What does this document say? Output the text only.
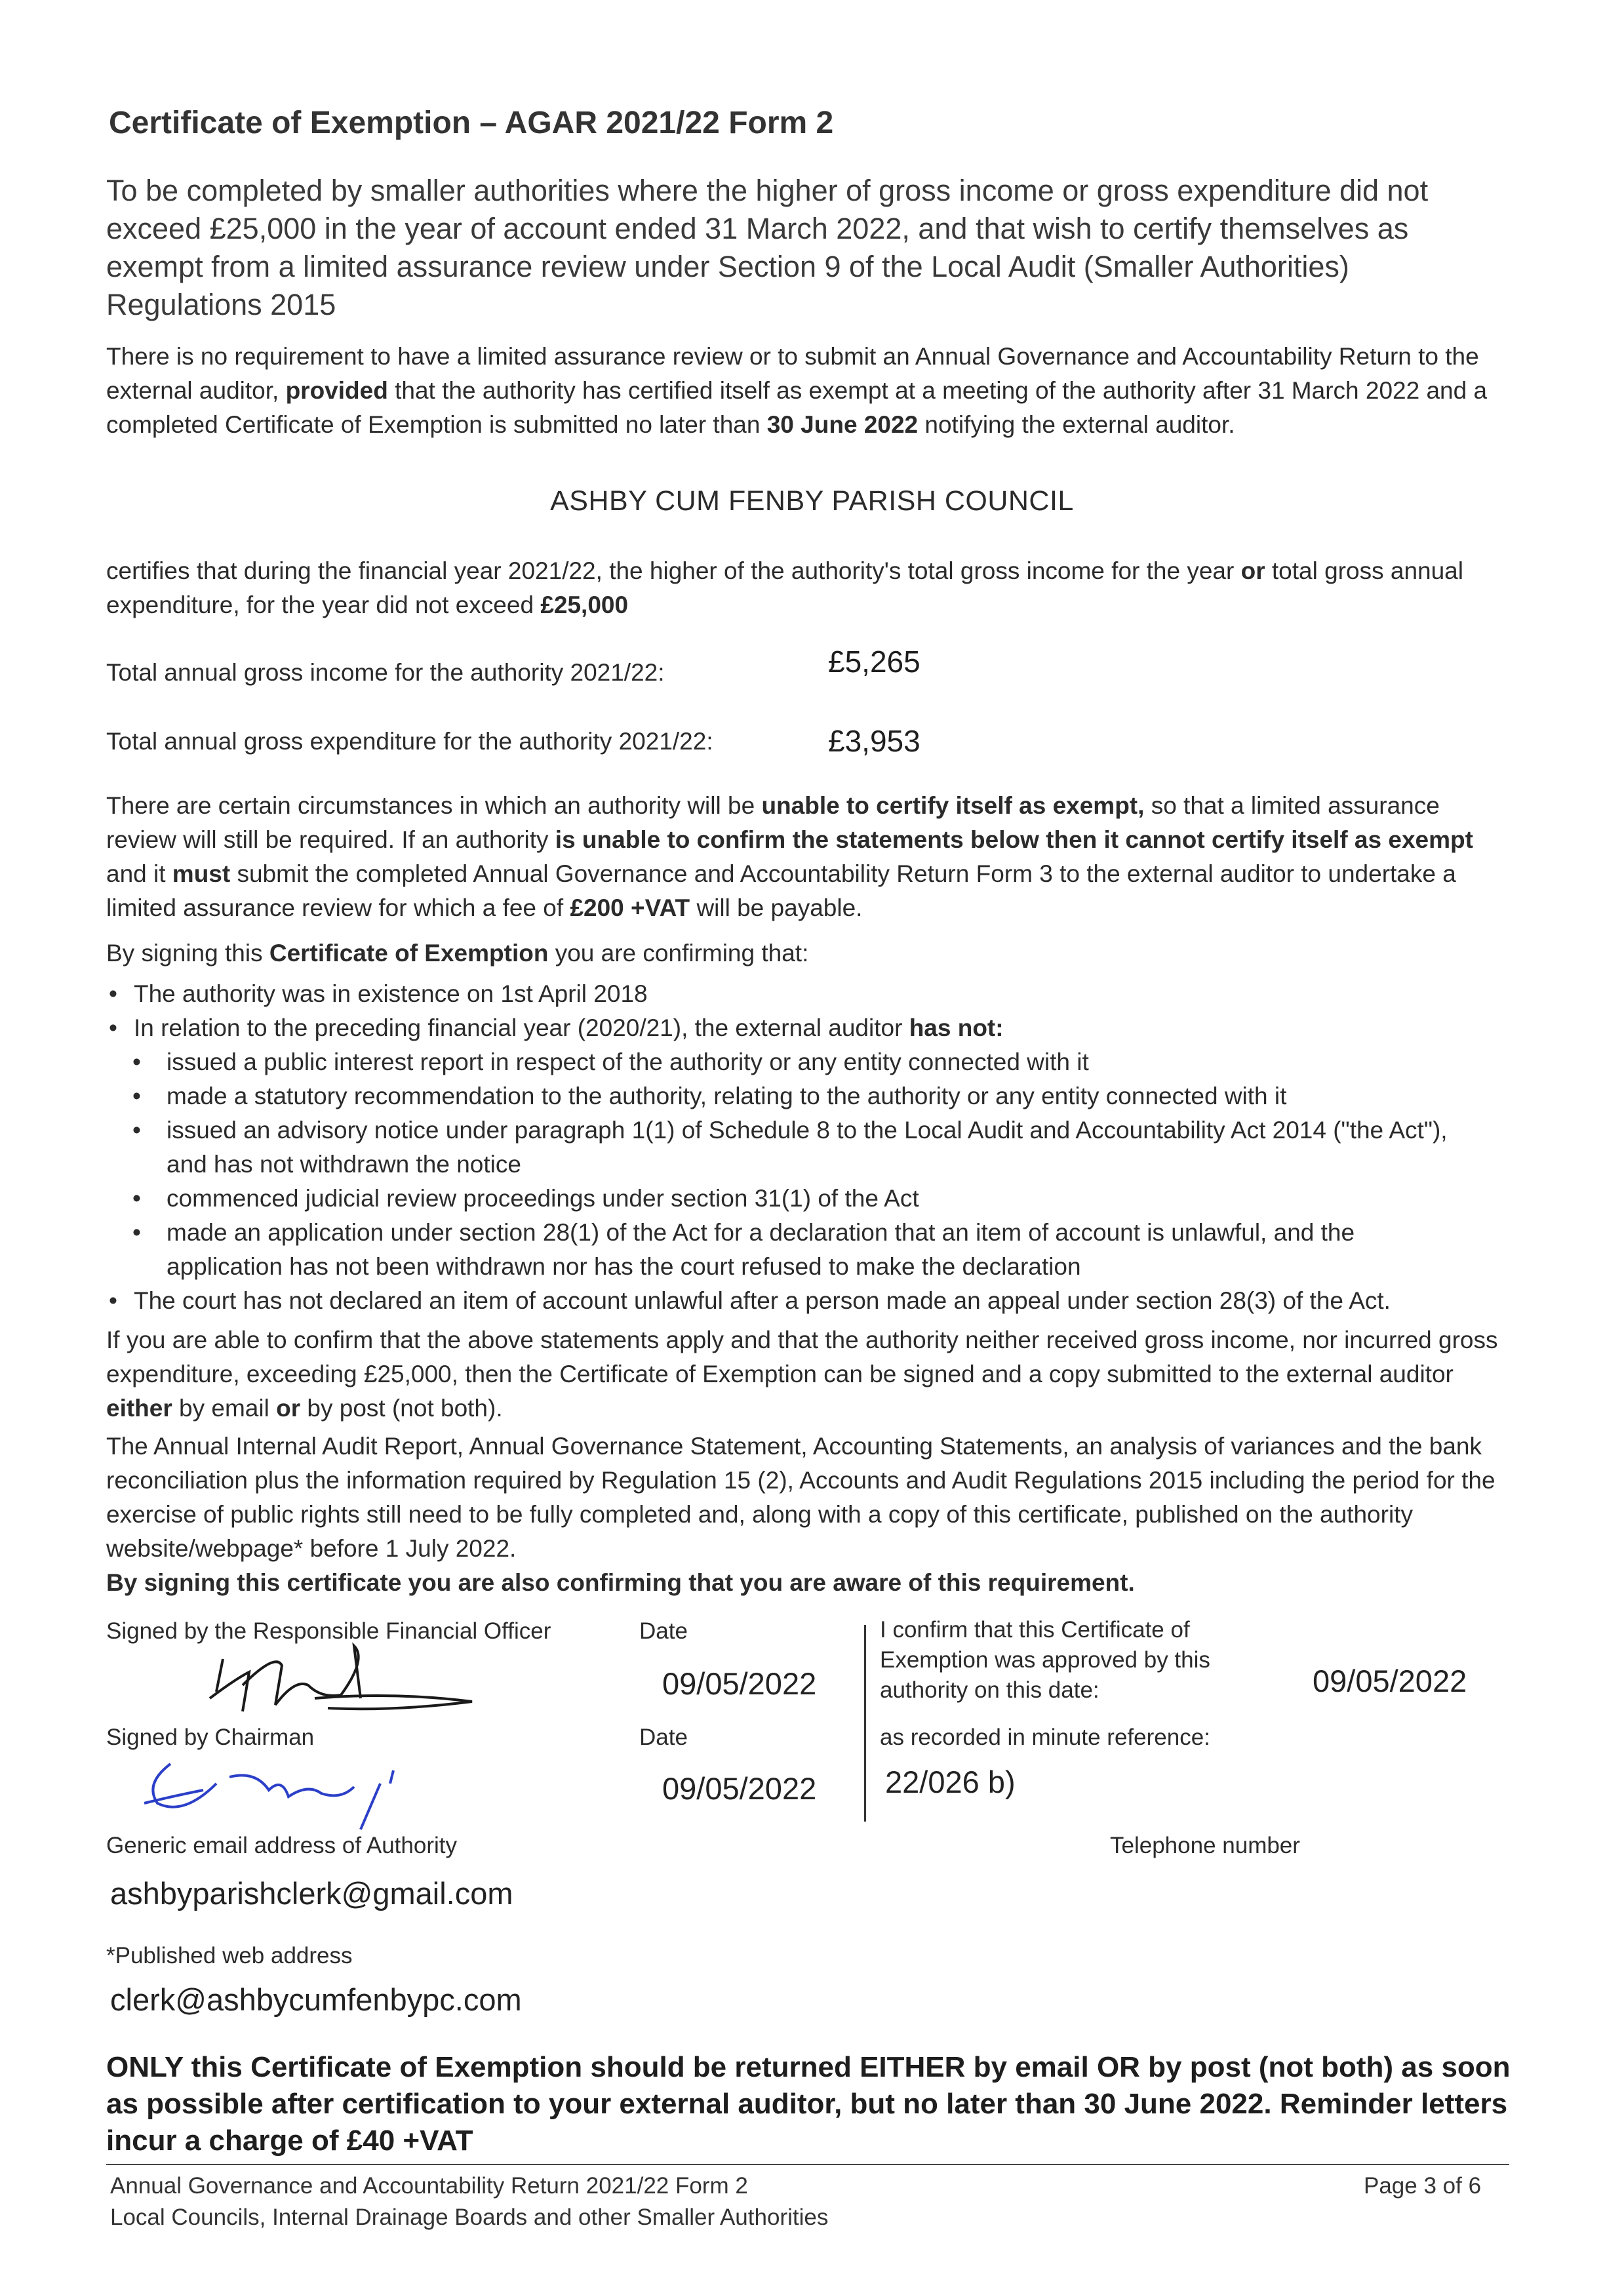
Certificate of Exemption – AGAR 2021/22 Form 2
To be completed by smaller authorities where the higher of gross income or gross expenditure did not exceed £25,000 in the year of account ended 31 March 2022, and that wish to certify themselves as exempt from a limited assurance review under Section 9 of the Local Audit (Smaller Authorities) Regulations 2015
There is no requirement to have a limited assurance review or to submit an Annual Governance and Accountability Return to the external auditor, provided that the authority has certified itself as exempt at a meeting of the authority after 31 March 2022 and a completed Certificate of Exemption is submitted no later than 30 June 2022 notifying the external auditor.
ASHBY CUM FENBY PARISH COUNCIL
certifies that during the financial year 2021/22, the higher of the authority's total gross income for the year or total gross annual expenditure, for the year did not exceed £25,000
Total annual gross income for the authority 2021/22:	£5,265
Total annual gross expenditure for the authority 2021/22:	£3,953
There are certain circumstances in which an authority will be unable to certify itself as exempt, so that a limited assurance review will still be required. If an authority is unable to confirm the statements below then it cannot certify itself as exempt and it must submit the completed Annual Governance and Accountability Return Form 3 to the external auditor to undertake a limited assurance review for which a fee of £200 +VAT will be payable.
By signing this Certificate of Exemption you are confirming that:
• The authority was in existence on 1st April 2018
• In relation to the preceding financial year (2020/21), the external auditor has not:
• issued a public interest report in respect of the authority or any entity connected with it
• made a statutory recommendation to the authority, relating to the authority or any entity connected with it
• issued an advisory notice under paragraph 1(1) of Schedule 8 to the Local Audit and Accountability Act 2014 ("the Act"), and has not withdrawn the notice
• commenced judicial review proceedings under section 31(1) of the Act
• made an application under section 28(1) of the Act for a declaration that an item of account is unlawful, and the application has not been withdrawn nor has the court refused to make the declaration
• The court has not declared an item of account unlawful after a person made an appeal under section 28(3) of the Act.
If you are able to confirm that the above statements apply and that the authority neither received gross income, nor incurred gross expenditure, exceeding £25,000, then the Certificate of Exemption can be signed and a copy submitted to the external auditor either by email or by post (not both).
The Annual Internal Audit Report, Annual Governance Statement, Accounting Statements, an analysis of variances and the bank reconciliation plus the information required by Regulation 15 (2), Accounts and Audit Regulations 2015 including the period for the exercise of public rights still need to be fully completed and, along with a copy of this certificate, published on the authority website/webpage* before 1 July 2022.
By signing this certificate you are also confirming that you are aware of this requirement.
Signed by the Responsible Financial Officer	Date
09/05/2022
I confirm that this Certificate of Exemption was approved by this authority on this date:	09/05/2022
Signed by Chairman	Date
09/05/2022
as recorded in minute reference:
22/026 b)
Generic email address of Authority	Telephone number
ashbyparishclerk@gmail.com
*Published web address
clerk@ashbycumfenbypc.com
ONLY this Certificate of Exemption should be returned EITHER by email OR by post (not both) as soon as possible after certification to your external auditor, but no later than 30 June 2022. Reminder letters incur a charge of £40 +VAT
Annual Governance and Accountability Return 2021/22 Form 2
Local Councils, Internal Drainage Boards and other Smaller Authorities
Page 3 of 6
